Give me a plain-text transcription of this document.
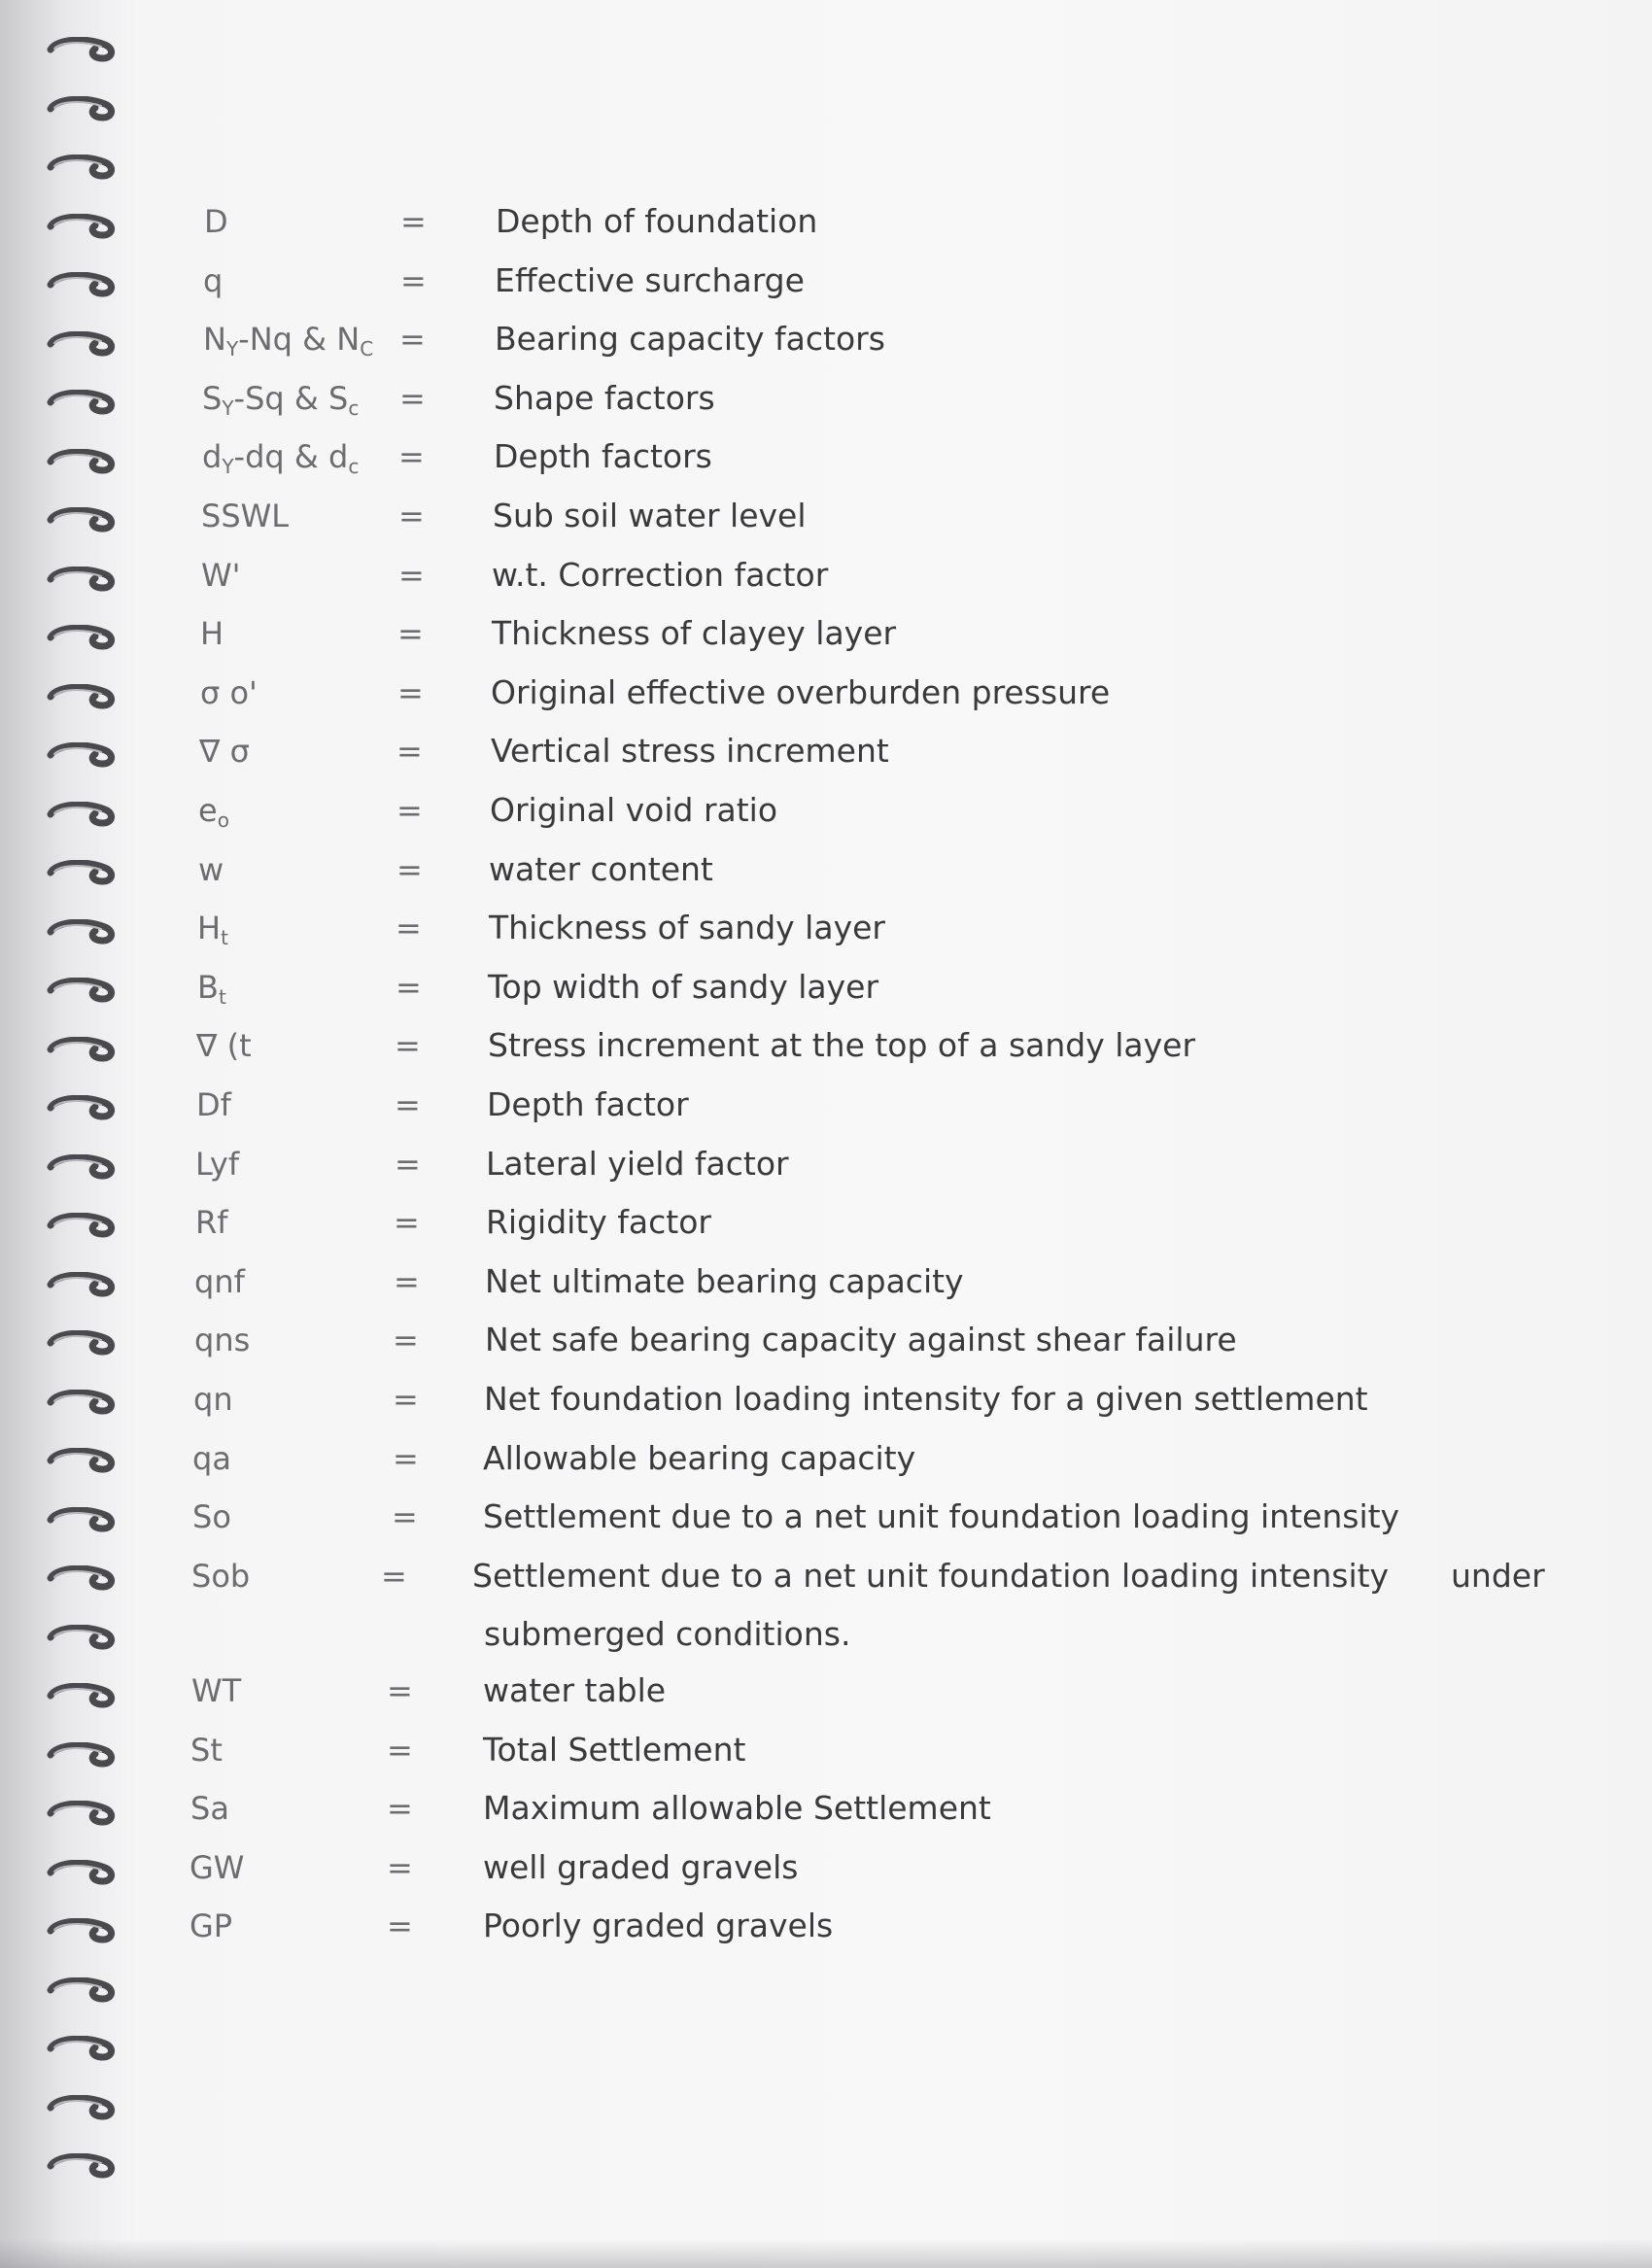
D	= Depth of foundation
q	= Effective surcharge
$N_Y-Nq$ & $N_C$ = Bearing capacity factors
$S_Y-Sq$ & $S_c$ = Shape factors
$d_Y-dq$ & $d_c$ = Depth factors
SSWL	= Sub soil water level
W'	= w.t. Correction factor
H	= Thickness of clayey layer
σ o'	= Original effective overburden pressure
∇ σ	= Vertical stress increment
$e_o$	= Original void ratio
w	= water content
$H_t$	= Thickness of sandy layer
$B_t$	= Top width of sandy layer
∇ (t	= Stress increment at the top of a sandy layer
Df	= Depth factor
Lyf	= Lateral yield factor
Rf	= Rigidity factor
qnf	= Net ultimate bearing capacity
qns	= Net safe bearing capacity against shear failure
qn	= Net foundation loading intensity for a given settlement
qa	= Allowable bearing capacity
So	= Settlement due to a net unit foundation loading intensity
Sob	= Settlement due to a net unit foundation loading intensity under
submerged conditions.
WT	= water table
St	= Total Settlement
Sa	= Maximum allowable Settlement
GW	= well graded gravels
GP	= Poorly graded gravels
